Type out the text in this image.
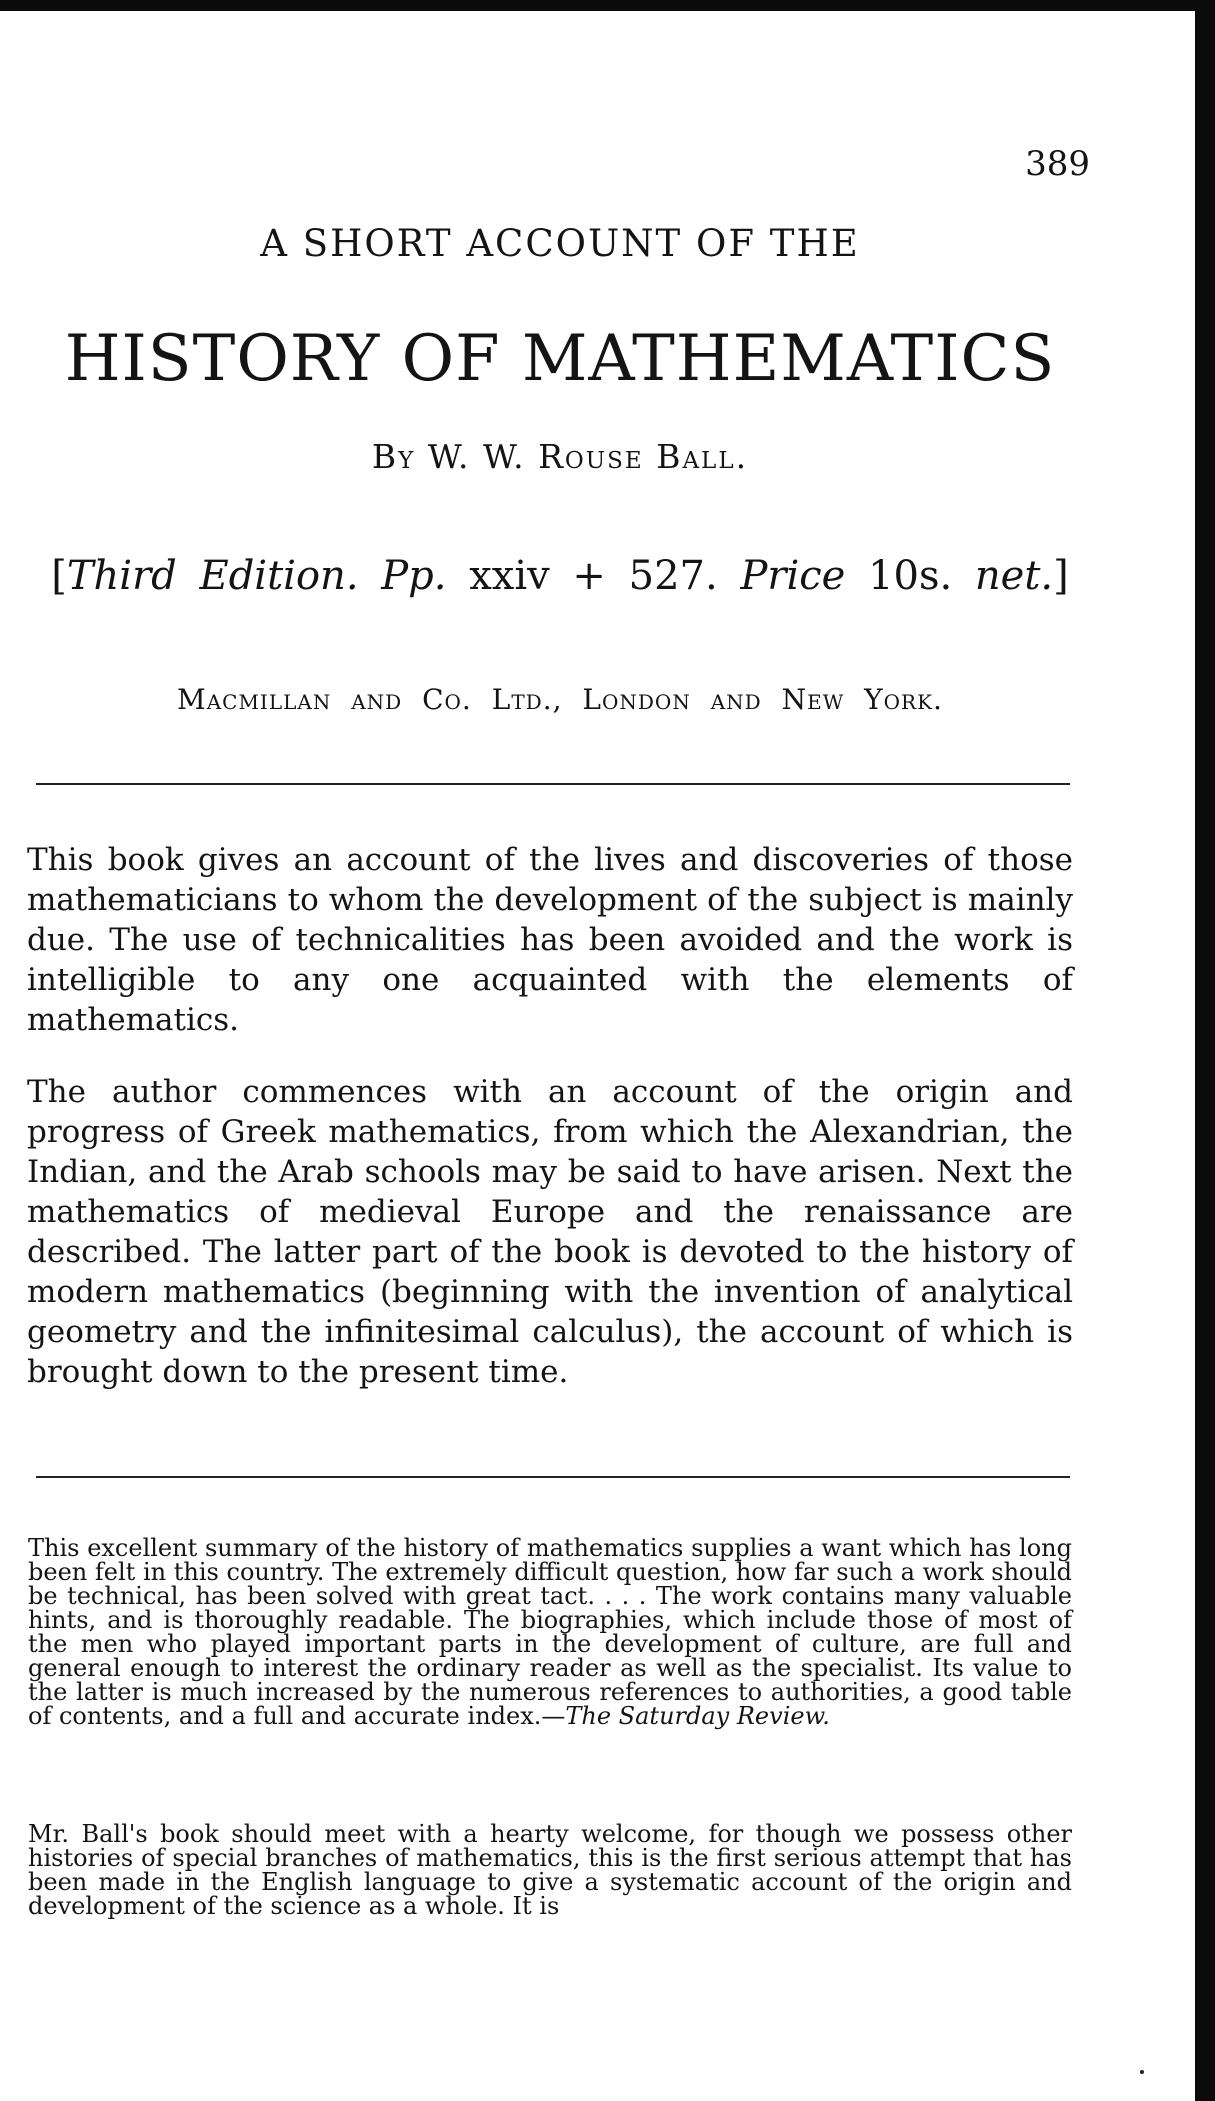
389
A SHORT ACCOUNT OF THE
HISTORY OF MATHEMATICS
By W. W. Rouse Ball.
[Third Edition. Pp. xxiv + 527. Price 10s. net.]
Macmillan and Co. Ltd., London and New York.

This book gives an account of the lives and discoveries of those mathematicians to whom the development of the subject is mainly due. The use of technicalities has been avoided and the work is intelligible to any one acquainted with the elements of mathematics.

The author commences with an account of the origin and progress of Greek mathematics, from which the Alexandrian, the Indian, and the Arab schools may be said to have arisen. Next the mathematics of medieval Europe and the renaissance are described. The latter part of the book is devoted to the history of modern mathematics (beginning with the invention of analytical geometry and the infinitesimal calculus), the account of which is brought down to the present time.

This excellent summary of the history of mathematics supplies a want which has long been felt in this country. The extremely difficult question, how far such a work should be technical, has been solved with great tact. . . . The work contains many valuable hints, and is thoroughly readable. The biographies, which include those of most of the men who played important parts in the development of culture, are full and general enough to interest the ordinary reader as well as the specialist. Its value to the latter is much increased by the numerous references to authorities, a good table of contents, and a full and accurate index.—The Saturday Review.

Mr. Ball's book should meet with a hearty welcome, for though we possess other histories of special branches of mathematics, this is the first serious attempt that has been made in the English language to give a systematic account of the origin and development of the science as a whole. It is
